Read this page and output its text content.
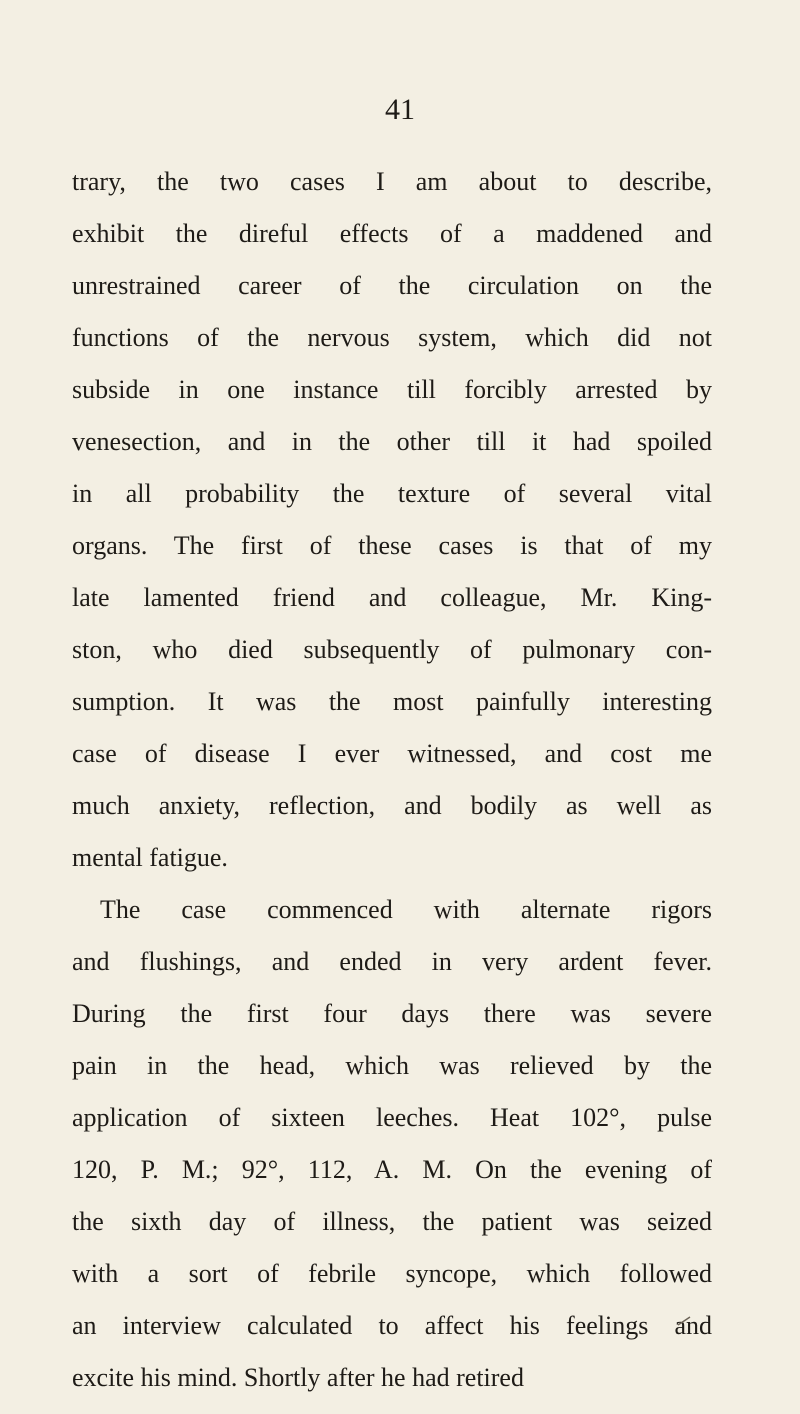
41
trary, the two cases I am about to describe,
exhibit the direful effects of a maddened and
unrestrained career of the circulation on the
functions of the nervous system, which did not
subside in one instance till forcibly arrested by
venesection, and in the other till it had spoiled
in all probability the texture of several vital
organs. The first of these cases is that of my
late lamented friend and colleague, Mr. King-
ston, who died subsequently of pulmonary con-
sumption. It was the most painfully interesting
case of disease I ever witnessed, and cost me
much anxiety, reflection, and bodily as well as
mental fatigue.
The case commenced with alternate rigors
and flushings, and ended in very ardent fever.
During the first four days there was severe
pain in the head, which was relieved by the
application of sixteen leeches. Heat 102°, pulse
120, P. M.; 92°, 112, A. M. On the evening of
the sixth day of illness, the patient was seized
with a sort of febrile syncope, which followed
an interview calculated to affect his feelings and
excite his mind. Shortly after he had retired
